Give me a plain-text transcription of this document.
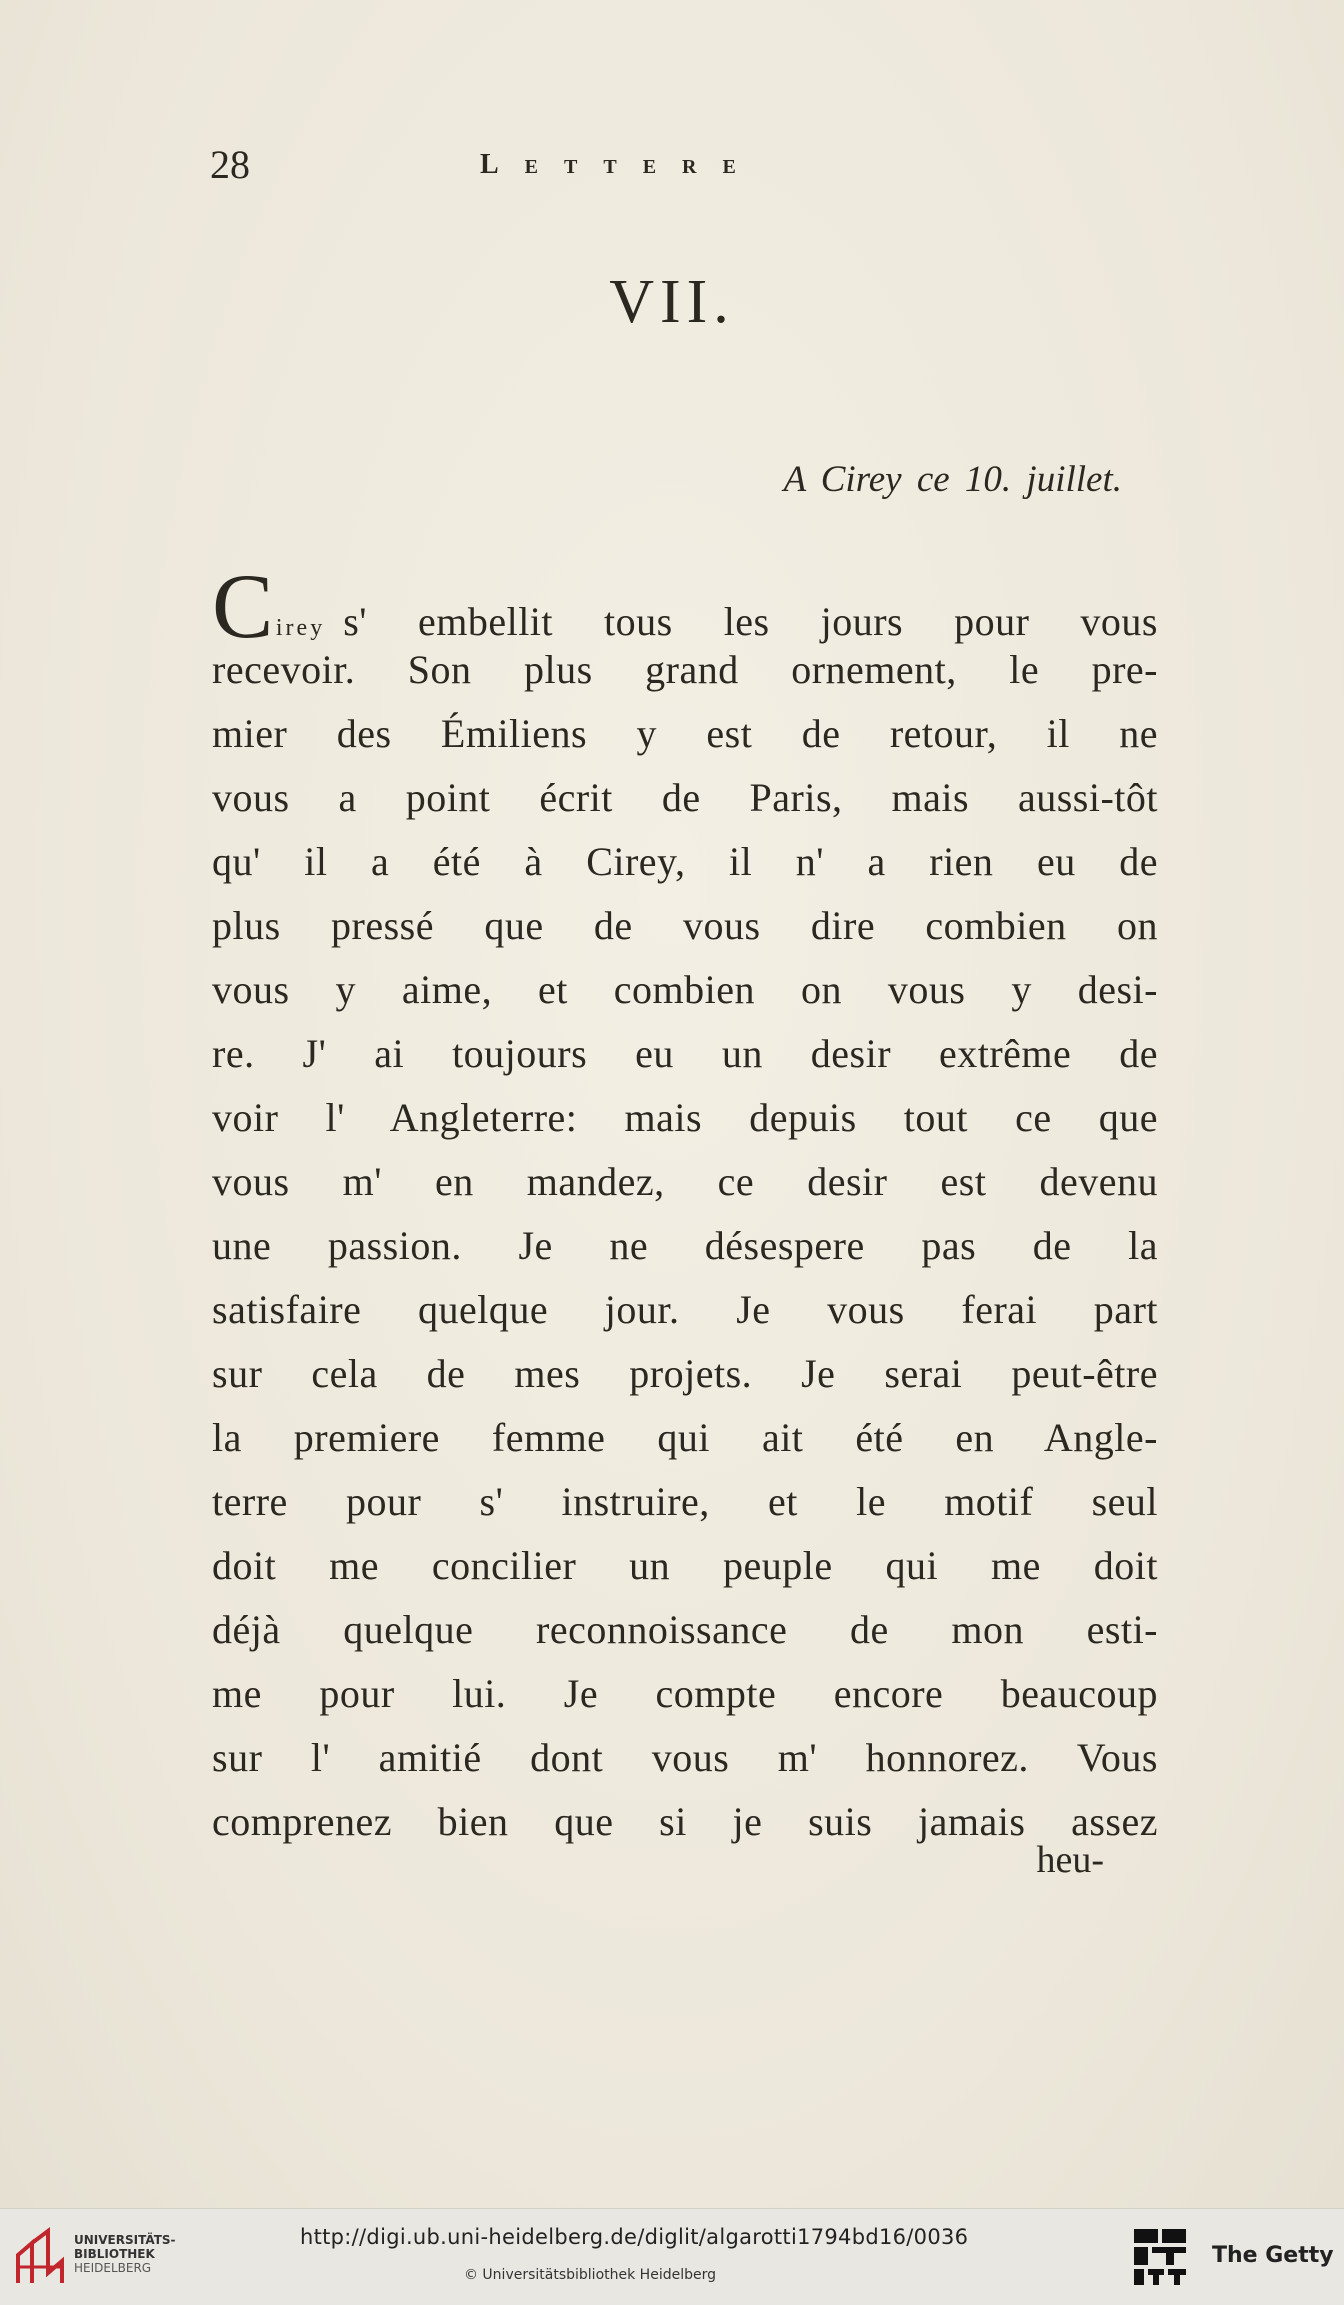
28	Lettere
VII.
A Cirey ce 10. juillet.
Cirey s' embellit tous les jours pour vous
recevoir. Son plus grand ornement, le pre-
mier des Émiliens y est de retour, il ne
vous a point écrit de Paris, mais aussi-tôt
qu' il a été à Cirey, il n' a rien eu de
plus pressé que de vous dire combien on
vous y aime, et combien on vous y desi-
re. J' ai toujours eu un desir extrême de
voir l' Angleterre: mais depuis tout ce que
vous m' en mandez, ce desir est devenu
une passion. Je ne désespere pas de la
satisfaire quelque jour. Je vous ferai part
sur cela de mes projets. Je serai peut-être
la premiere femme qui ait été en Angle-
terre pour s' instruire, et le motif seul
doit me concilier un peuple qui me doit
déjà quelque reconnoissance de mon esti-
me pour lui. Je compte encore beaucoup
sur l' amitié dont vous m' honnorez. Vous
comprenez bien que si je suis jamais assez
heu-
UNIVERSITÄTS-
BIBLIOTHEK
HEIDELBERG
http://digi.ub.uni-heidelberg.de/diglit/algarotti1794bd16/0036
© Universitätsbibliothek Heidelberg
The Getty
